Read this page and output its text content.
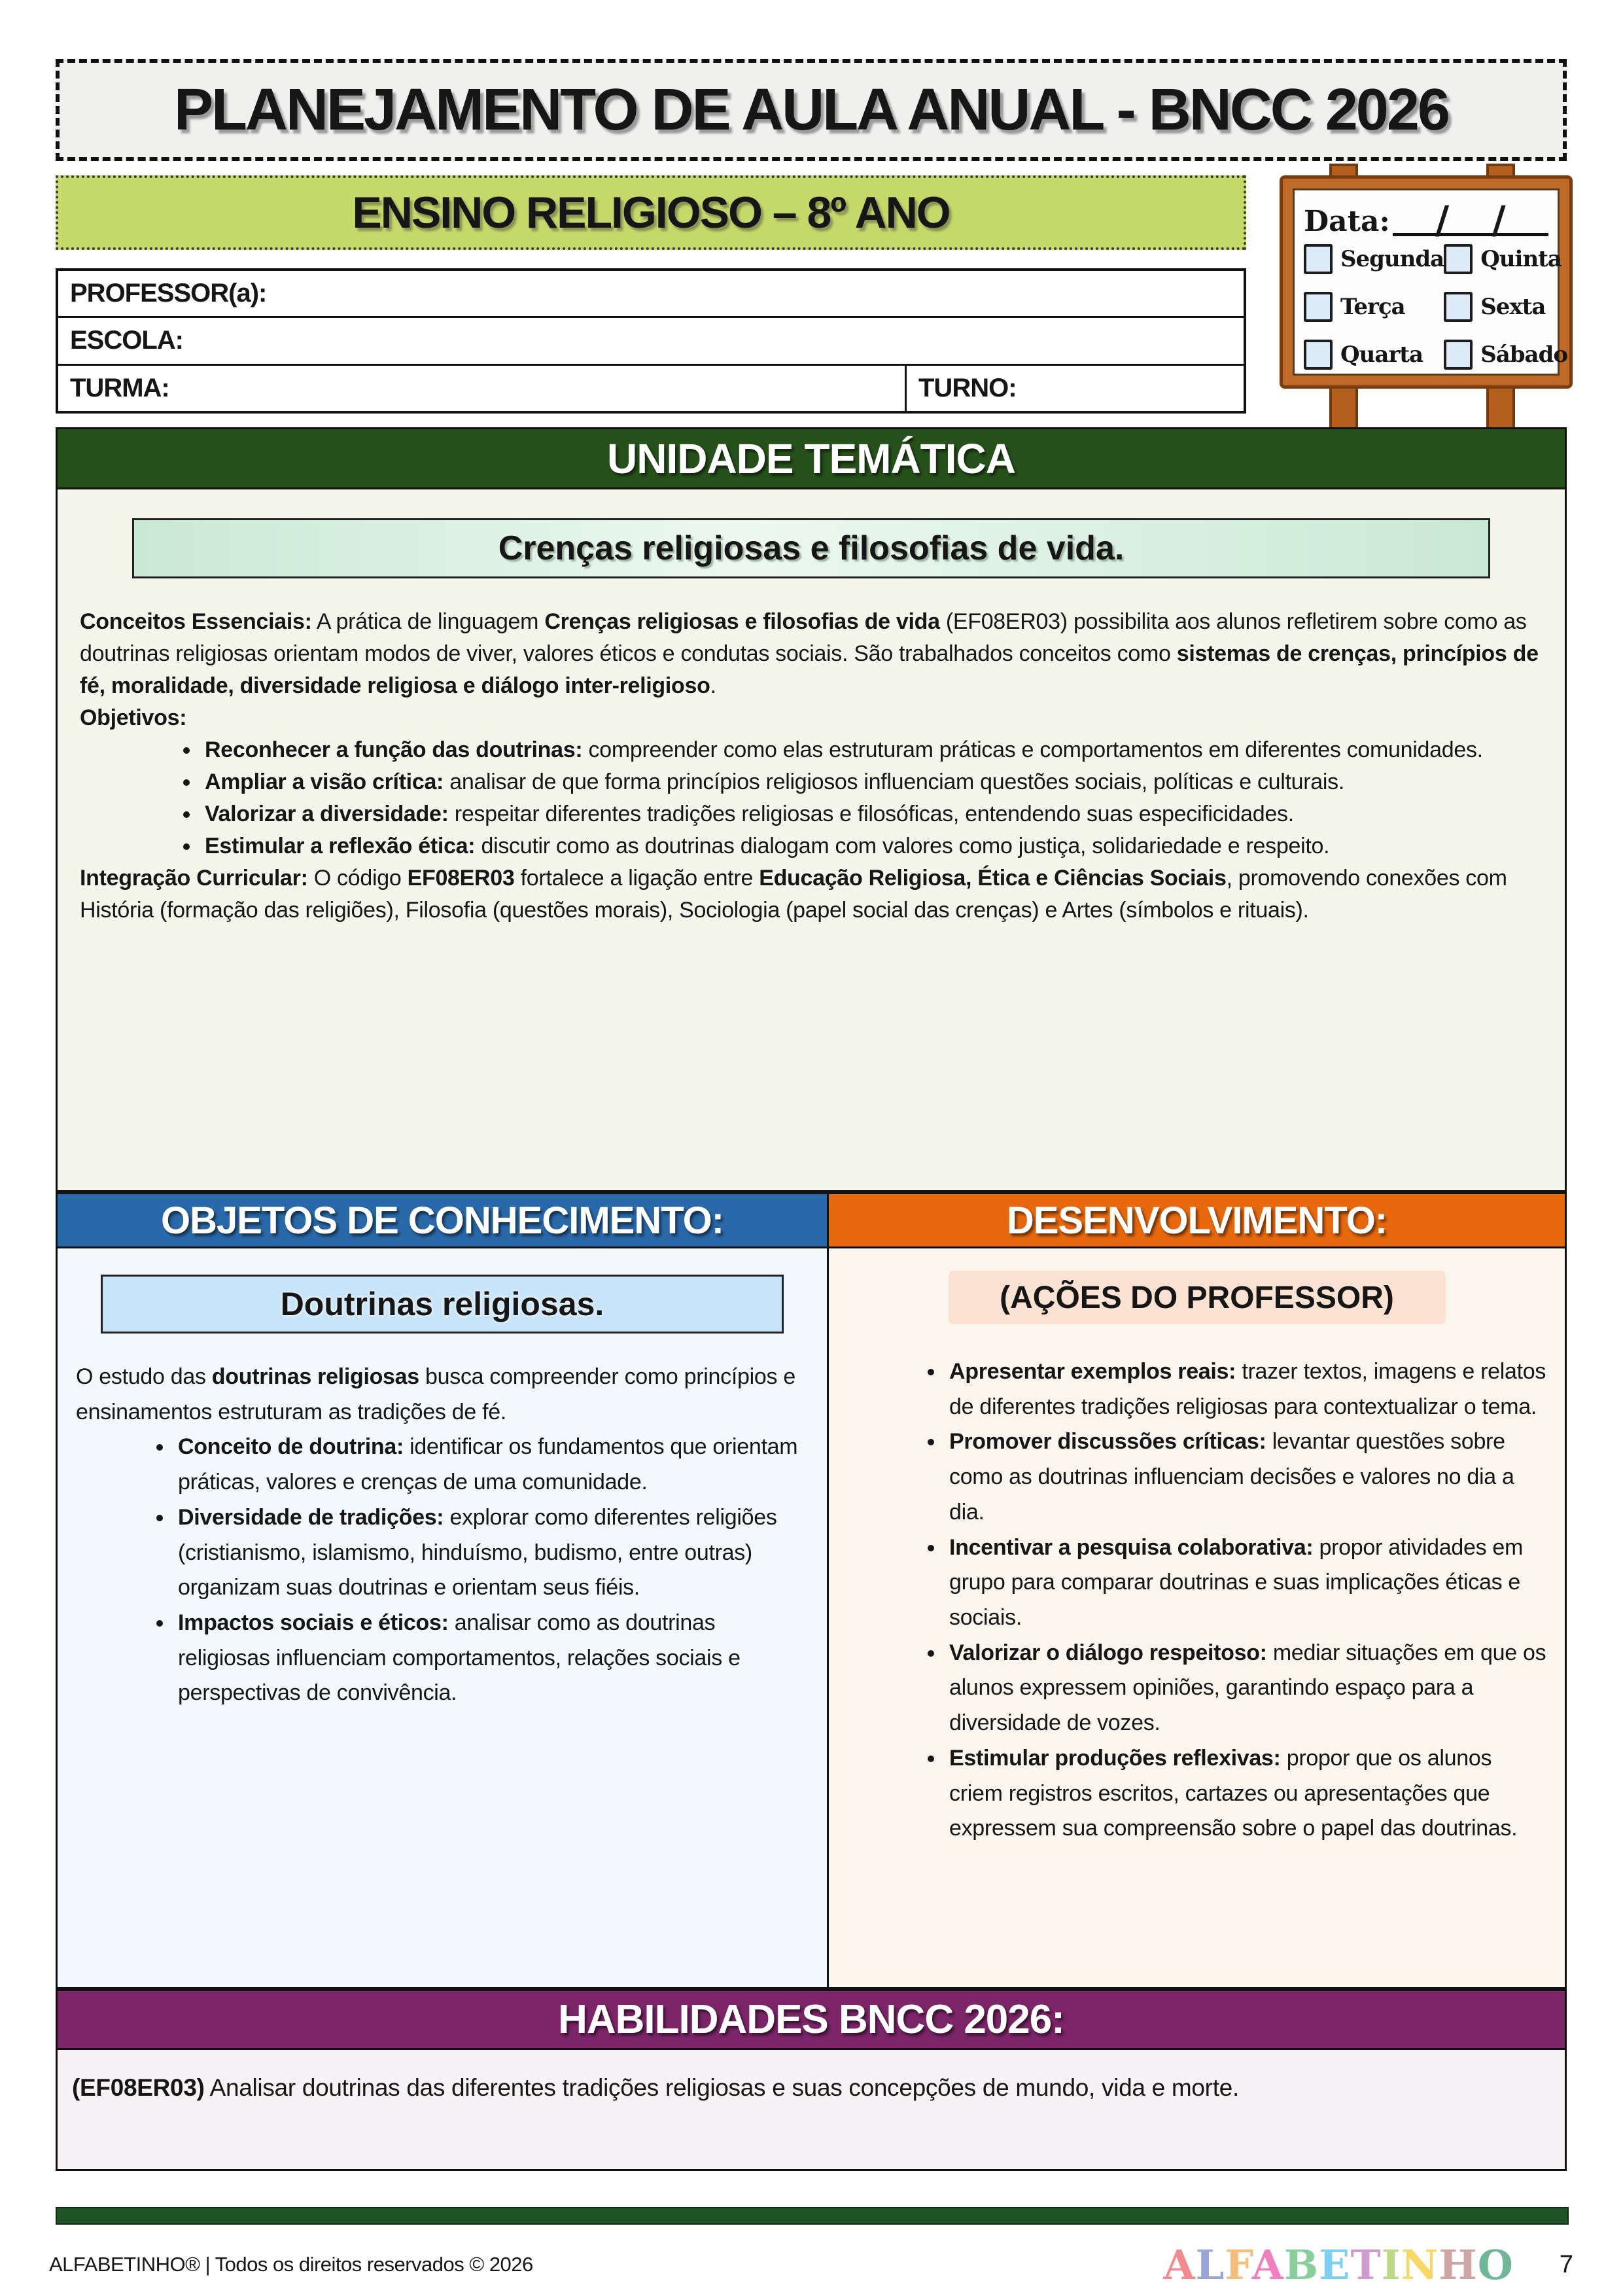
PLANEJAMENTO DE AULA ANUAL - BNCC 2026
ENSINO RELIGIOSO – 8º ANO	Data: / /
Segunda Quinta
Terça	Sexta
Quarta	Sábado
PROFESSOR(a):
ESCOLA:
TURMA:	TURNO:
UNIDADE TEMÁTICA
Crenças religiosas e filosofias de vida.

Conceitos Essenciais: A prática de linguagem Crenças religiosas e filosofias de vida (EF08ER03) possibilita aos alunos refletirem sobre como as doutrinas religiosas orientam modos de viver, valores éticos e condutas sociais. São trabalhados conceitos como sistemas de crenças, princípios de fé, moralidade, diversidade religiosa e diálogo inter-religioso.

Objetivos:

• Reconhecer a função das doutrinas: compreender como elas estruturam práticas e comportamentos em diferentes comunidades.
• Ampliar a visão crítica: analisar de que forma princípios religiosos influenciam questões sociais, políticas e culturais.
• Valorizar a diversidade: respeitar diferentes tradições religiosas e filosóficas, entendendo suas especificidades.
• Estimular a reflexão ética: discutir como as doutrinas dialogam com valores como justiça, solidariedade e respeito.

Integração Curricular: O código EF08ER03 fortalece a ligação entre Educação Religiosa, Ética e Ciências Sociais, promovendo conexões com História (formação das religiões), Filosofia (questões morais), Sociologia (papel social das crenças) e Artes (símbolos e rituais).

OBJETOS DE CONHECIMENTO:	DESENVOLVIMENTO:
Doutrinas religiosas.

O estudo das doutrinas religiosas busca compreender como princípios e ensinamentos estruturam as tradições de fé.

• Conceito de doutrina: identificar os fundamentos que orientam práticas, valores e crenças de uma comunidade.
• Diversidade de tradições: explorar como diferentes religiões (cristianismo, islamismo, hinduísmo, budismo, entre outras) organizam suas doutrinas e orientam seus fiéis.
• Impactos sociais e éticos: analisar como as doutrinas religiosas influenciam comportamentos, relações sociais e perspectivas de convivência.
(AÇÕES DO PROFESSOR)
• Apresentar exemplos reais: trazer textos, imagens e relatos de diferentes tradições religiosas para contextualizar o tema.
• Promover discussões críticas: levantar questões sobre como as doutrinas influenciam decisões e valores no dia a dia.
• Incentivar a pesquisa colaborativa: propor atividades em grupo para comparar doutrinas e suas implicações éticas e sociais.
• Valorizar o diálogo respeitoso: mediar situações em que os alunos expressem opiniões, garantindo espaço para a diversidade de vozes.
• Estimular produções reflexivas: propor que os alunos criem registros escritos, cartazes ou apresentações que expressem sua compreensão sobre o papel das doutrinas.
HABILIDADES BNCC 2026:

(EF08ER03) Analisar doutrinas das diferentes tradições religiosas e suas concepções de mundo, vida e morte.

ALFABETINHO® | Todos os direitos reservados © 2026	ALFABETINHO 7
